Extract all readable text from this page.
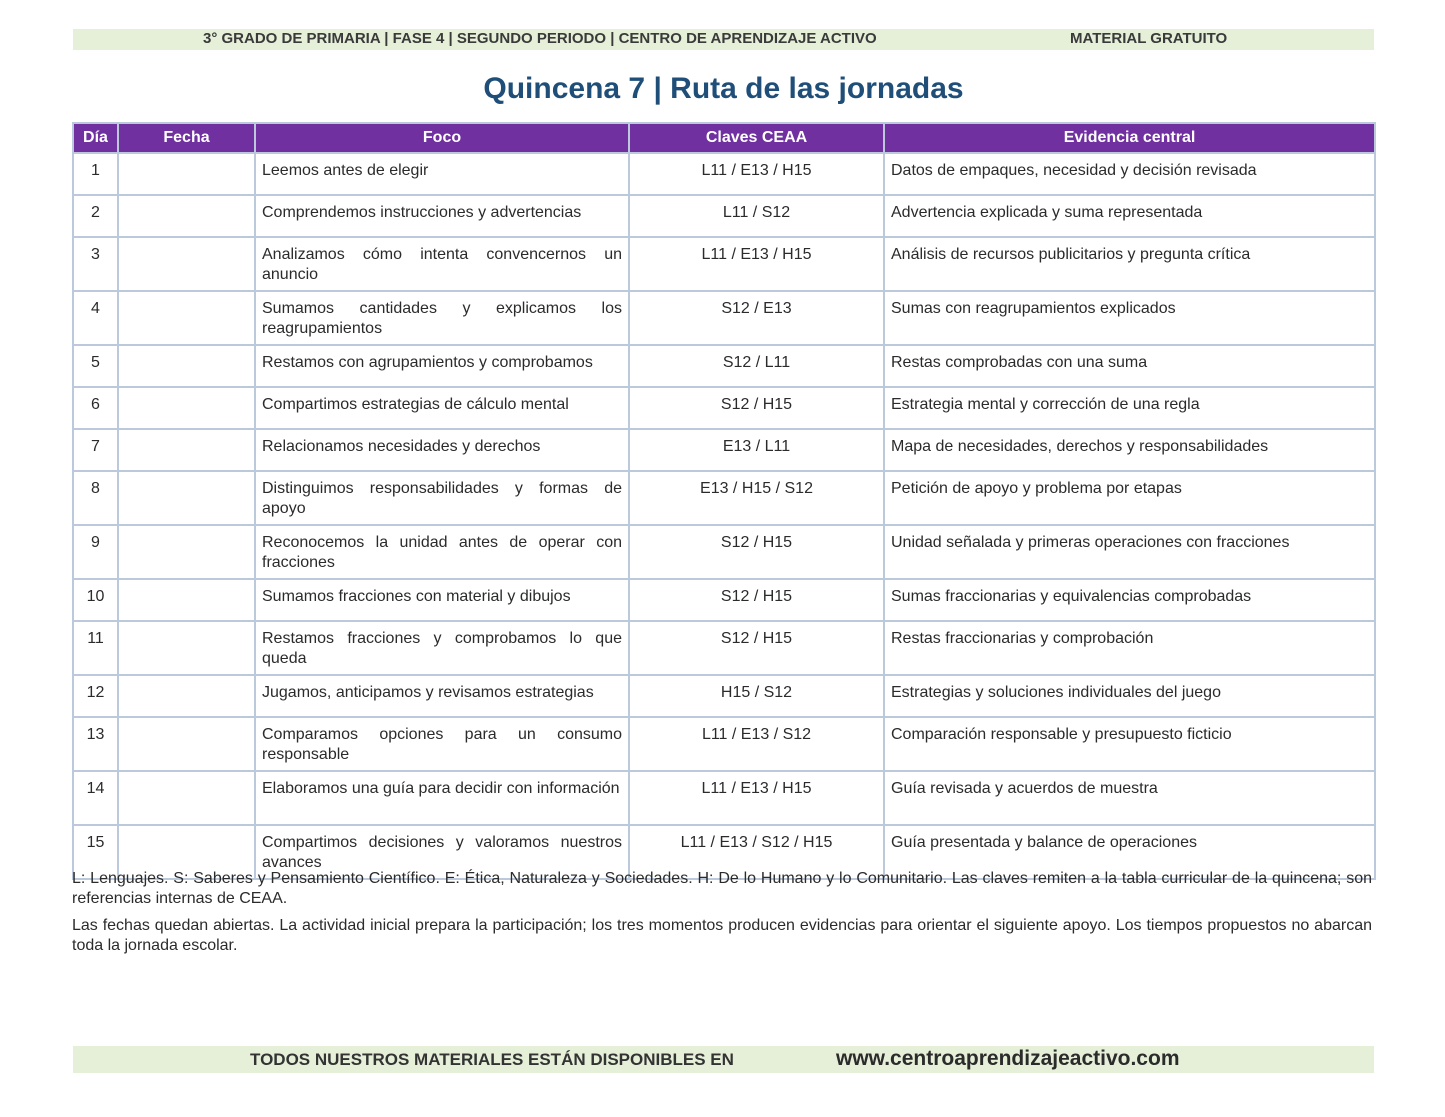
3° GRADO DE PRIMARIA | FASE 4 | SEGUNDO PERIODO | CENTRO DE APRENDIZAJE ACTIVO	MATERIAL GRATUITO
Quincena 7 | Ruta de las jornadas
Día	Fecha	Foco	Claves CEAA	Evidencia central
1		Leemos antes de elegir	L11 / E13 / H15	Datos de empaques, necesidad y decisión revisada
2		Comprendemos instrucciones y advertencias	L11 / S12	Advertencia explicada y suma representada
3		Analizamos cómo intenta convencernos un anuncio	L11 / E13 / H15	Análisis de recursos publicitarios y pregunta crítica
4		Sumamos cantidades y explicamos los reagrupamientos	S12 / E13	Sumas con reagrupamientos explicados
5		Restamos con agrupamientos y comprobamos	S12 / L11	Restas comprobadas con una suma
6		Compartimos estrategias de cálculo mental	S12 / H15	Estrategia mental y corrección de una regla
7		Relacionamos necesidades y derechos	E13 / L11	Mapa de necesidades, derechos y responsabilidades
8		Distinguimos responsabilidades y formas de apoyo	E13 / H15 / S12	Petición de apoyo y problema por etapas
9		Reconocemos la unidad antes de operar con fracciones	S12 / H15	Unidad señalada y primeras operaciones con fracciones
10		Sumamos fracciones con material y dibujos	S12 / H15	Sumas fraccionarias y equivalencias comprobadas
11		Restamos fracciones y comprobamos lo que queda	S12 / H15	Restas fraccionarias y comprobación
12		Jugamos, anticipamos y revisamos estrategias	H15 / S12	Estrategias y soluciones individuales del juego
13		Comparamos opciones para un consumo responsable	L11 / E13 / S12	Comparación responsable y presupuesto ficticio
14		Elaboramos una guía para decidir con información	L11 / E13 / H15	Guía revisada y acuerdos de muestra
15		Compartimos decisiones y valoramos nuestros avances	L11 / E13 / S12 / H15	Guía presentada y balance de operaciones
L: Lenguajes. S: Saberes y Pensamiento Científico. E: Ética, Naturaleza y Sociedades. H: De lo Humano y lo Comunitario. Las claves remiten a la tabla curricular de la quincena; son referencias internas de CEAA.
Las fechas quedan abiertas. La actividad inicial prepara la participación; los tres momentos producen evidencias para orientar el siguiente apoyo. Los tiempos propuestos no abarcan toda la jornada escolar.
TODOS NUESTROS MATERIALES ESTÁN DISPONIBLES EN	www.centroaprendizajeactivo.com
